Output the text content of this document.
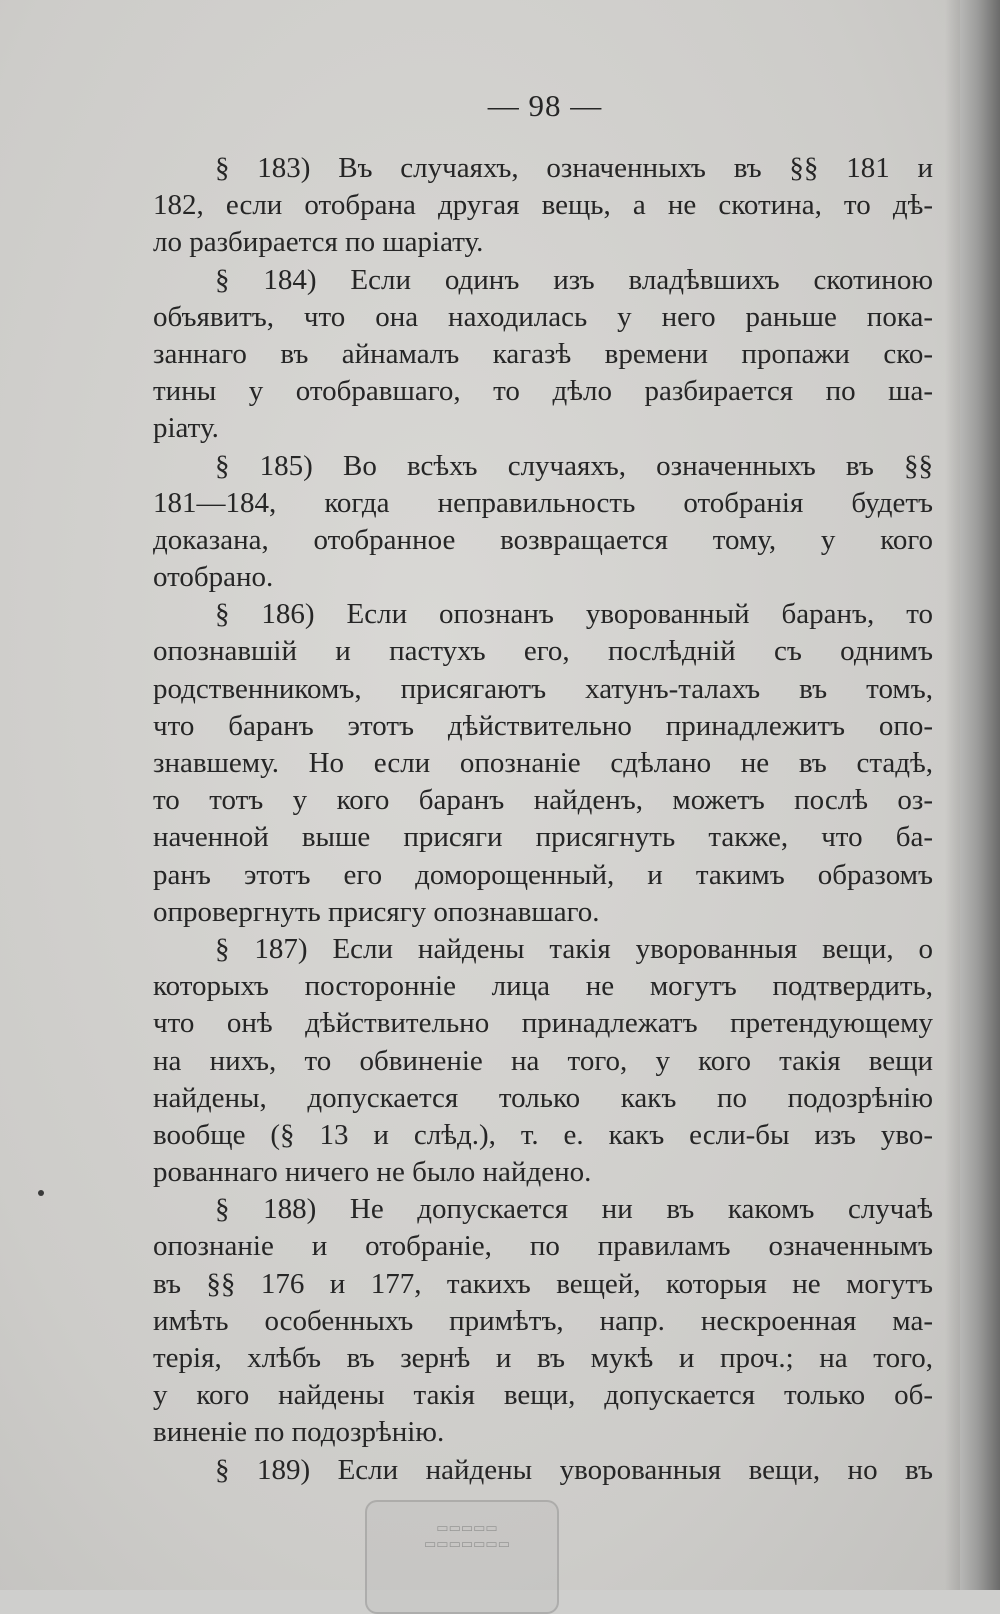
— 98 —
§ 183) Въ случаяхъ, означенныхъ въ §§ 181 и
182, если отобрана другая вещь, а не скотина, то дѣ-
ло разбирается по шаріату.
§ 184) Если одинъ изъ владѣвшихъ скотиною
объявитъ, что она находилась у него раньше пока-
заннаго въ айнамалъ кагазѣ времени пропажи ско-
тины у отобравшаго, то дѣло разбирается по ша-
ріату.
§ 185) Во всѣхъ случаяхъ, означенныхъ въ §§
181—184, когда неправильность отобранія будетъ
доказана, отобранное возвращается тому, у кого
отобрано.
§ 186) Если опознанъ уворованный баранъ, то
опознавшій и пастухъ его, послѣдній съ однимъ
родственникомъ, присягаютъ хатунъ-талахъ въ томъ,
что баранъ этотъ дѣйствительно принадлежитъ опо-
знавшему. Но если опознаніе сдѣлано не въ стадѣ,
то тотъ у кого баранъ найденъ, можетъ послѣ оз-
наченной выше присяги присягнуть также, что ба-
ранъ этотъ его доморощенный, и такимъ образомъ
опровергнуть присягу опознавшаго.
§ 187) Если найдены такія уворованныя вещи, о
которыхъ посторонніе лица не могутъ подтвердить,
что онѣ дѣйствительно принадлежатъ претендующему
на нихъ, то обвиненіе на того, у кого такія вещи
найдены, допускается только какъ по подозрѣнію
вообще (§ 13 и слѣд.), т. е. какъ если-бы изъ уво-
рованнаго ничего не было найдено.
§ 188) Не допускается ни въ какомъ случаѣ
опознаніе и отобраніе, по правиламъ означеннымъ
въ §§ 176 и 177, такихъ вещей, которыя не могутъ
имѣть особенныхъ примѣтъ, напр. нескроенная ма-
терія, хлѣбъ въ зернѣ и въ мукѣ и проч.; на того,
у кого найдены такія вещи, допускается только об-
виненіе по подозрѣнію.
§ 189) Если найдены уворованныя вещи, но въ
▭▭▭▭▭
▭▭▭▭▭▭▭
